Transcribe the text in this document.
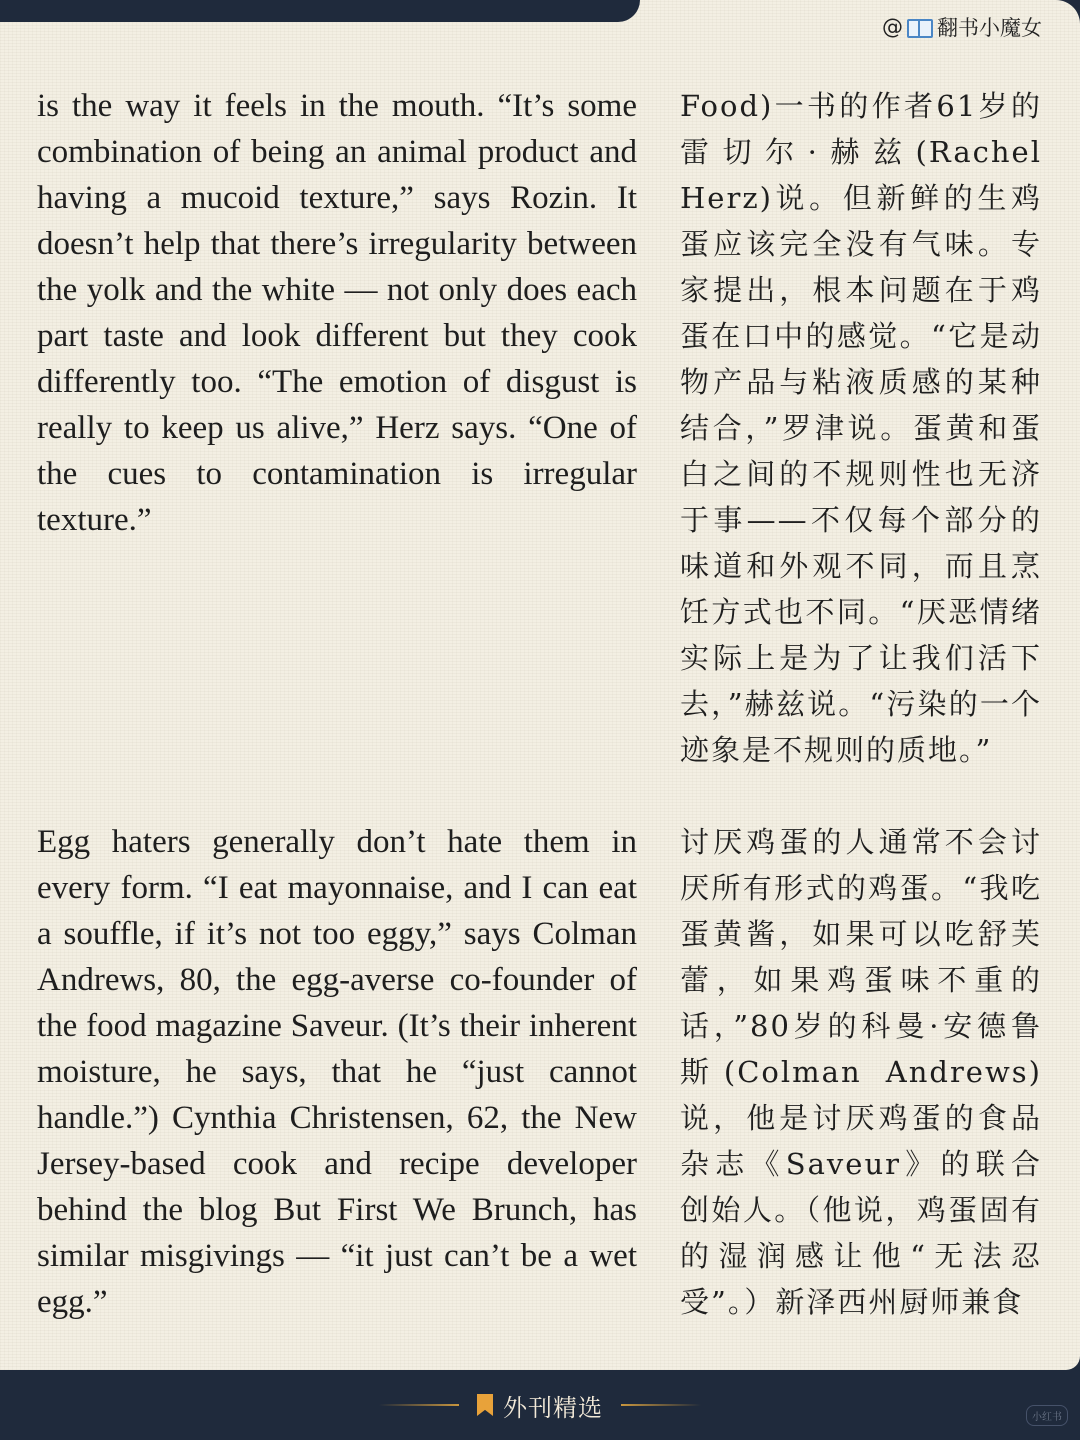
@ 翻书小魔女

is the way it feels in the mouth. “It’s some combination of being an animal product and having a mucoid texture,” says Rozin. It doesn’t help that there’s irregularity between the yolk and the white — not only does each part taste and look different but they cook differently too. “The emotion of disgust is really to keep us alive,” Herz says. “One of the cues to contamination is irregular texture.”

Food)一书的作者61岁的雷切尔·赫兹(Rachel Herz)说。但新鲜的生鸡蛋应该完全没有气味。专家提出，根本问题在于鸡蛋在口中的感觉。“它是动物产品与粘液质感的某种结合，”罗津说。蛋黄和蛋白之间的不规则性也无济于事——不仅每个部分的味道和外观不同，而且烹饪方式也不同。“厌恶情绪实际上是为了让我们活下去，”赫兹说。“污染的一个迹象是不规则的质地。”

Egg haters generally don’t hate them in every form. “I eat mayonnaise, and I can eat a souffle, if it’s not too eggy,” says Colman Andrews, 80, the egg-averse co-founder of the food magazine Saveur. (It’s their inherent moisture, he says, that he “just cannot handle.”) Cynthia Christensen, 62, the New Jersey-based cook and recipe developer behind the blog But First We Brunch, has similar misgivings — “it just can’t be a wet egg.”

讨厌鸡蛋的人通常不会讨厌所有形式的鸡蛋。“我吃蛋黄酱，如果可以吃舒芙蕾，如果鸡蛋味不重的话，”80岁的科曼·安德鲁斯(Colman Andrews)说，他是讨厌鸡蛋的食品杂志《Saveur》的联合创始人。（他说，鸡蛋固有的湿润感让他“无法忍受”。）新泽西州厨师兼食

外刊精选	小红书
